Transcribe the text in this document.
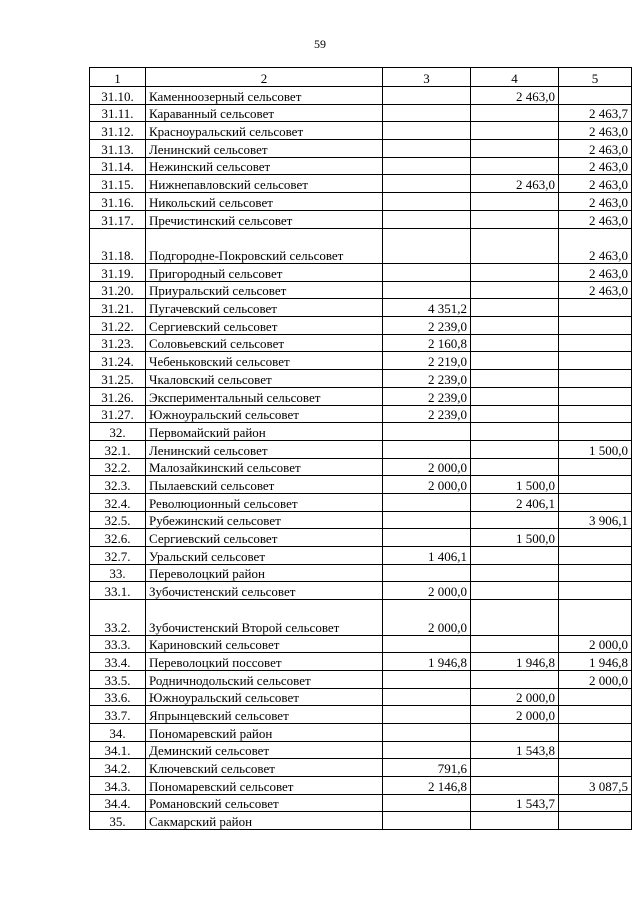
59
1	2	3	4	5
31.10.	Каменноозерный сельсовет		2 463,0	
31.11.	Караванный сельсовет			2 463,7
31.12.	Красноуральский сельсовет			2 463,0
31.13.	Ленинский сельсовет			2 463,0
31.14.	Нежинский сельсовет			2 463,0
31.15.	Нижнепавловский сельсовет		2 463,0	2 463,0
31.16.	Никольский сельсовет			2 463,0
31.17.	Пречистинский сельсовет			2 463,0
31.18.	Подгородне-Покровский сельсовет			2 463,0
31.19.	Пригородный сельсовет			2 463,0
31.20.	Приуральский сельсовет			2 463,0
31.21.	Пугачевский сельсовет	4 351,2		
31.22.	Сергиевский сельсовет	2 239,0		
31.23.	Соловьевский сельсовет	2 160,8		
31.24.	Чебеньковский сельсовет	2 219,0		
31.25.	Чкаловский сельсовет	2 239,0		
31.26.	Экспериментальный сельсовет	2 239,0		
31.27.	Южноуральский сельсовет	2 239,0		
32.	Первомайский район			
32.1.	Ленинский сельсовет			1 500,0
32.2.	Малозайкинский сельсовет	2 000,0		
32.3.	Пылаевский сельсовет	2 000,0	1 500,0	
32.4.	Революционный сельсовет		2 406,1	
32.5.	Рубежинский сельсовет			3 906,1
32.6.	Сергиевский сельсовет		1 500,0	
32.7.	Уральский сельсовет	1 406,1		
33.	Переволоцкий район			
33.1.	Зубочистенский сельсовет	2 000,0		
33.2.	Зубочистенский Второй сельсовет	2 000,0		
33.3.	Кариновский сельсовет			2 000,0
33.4.	Переволоцкий поссовет	1 946,8	1 946,8	1 946,8
33.5.	Родничнодольский сельсовет			2 000,0
33.6.	Южноуральский сельсовет		2 000,0	
33.7.	Япрынцевский сельсовет		2 000,0	
34.	Пономаревский район			
34.1.	Деминский сельсовет		1 543,8	
34.2.	Ключевский сельсовет	791,6		
34.3.	Пономаревский сельсовет	2 146,8		3 087,5
34.4.	Романовский сельсовет		1 543,7	
35.	Сакмарский район			
